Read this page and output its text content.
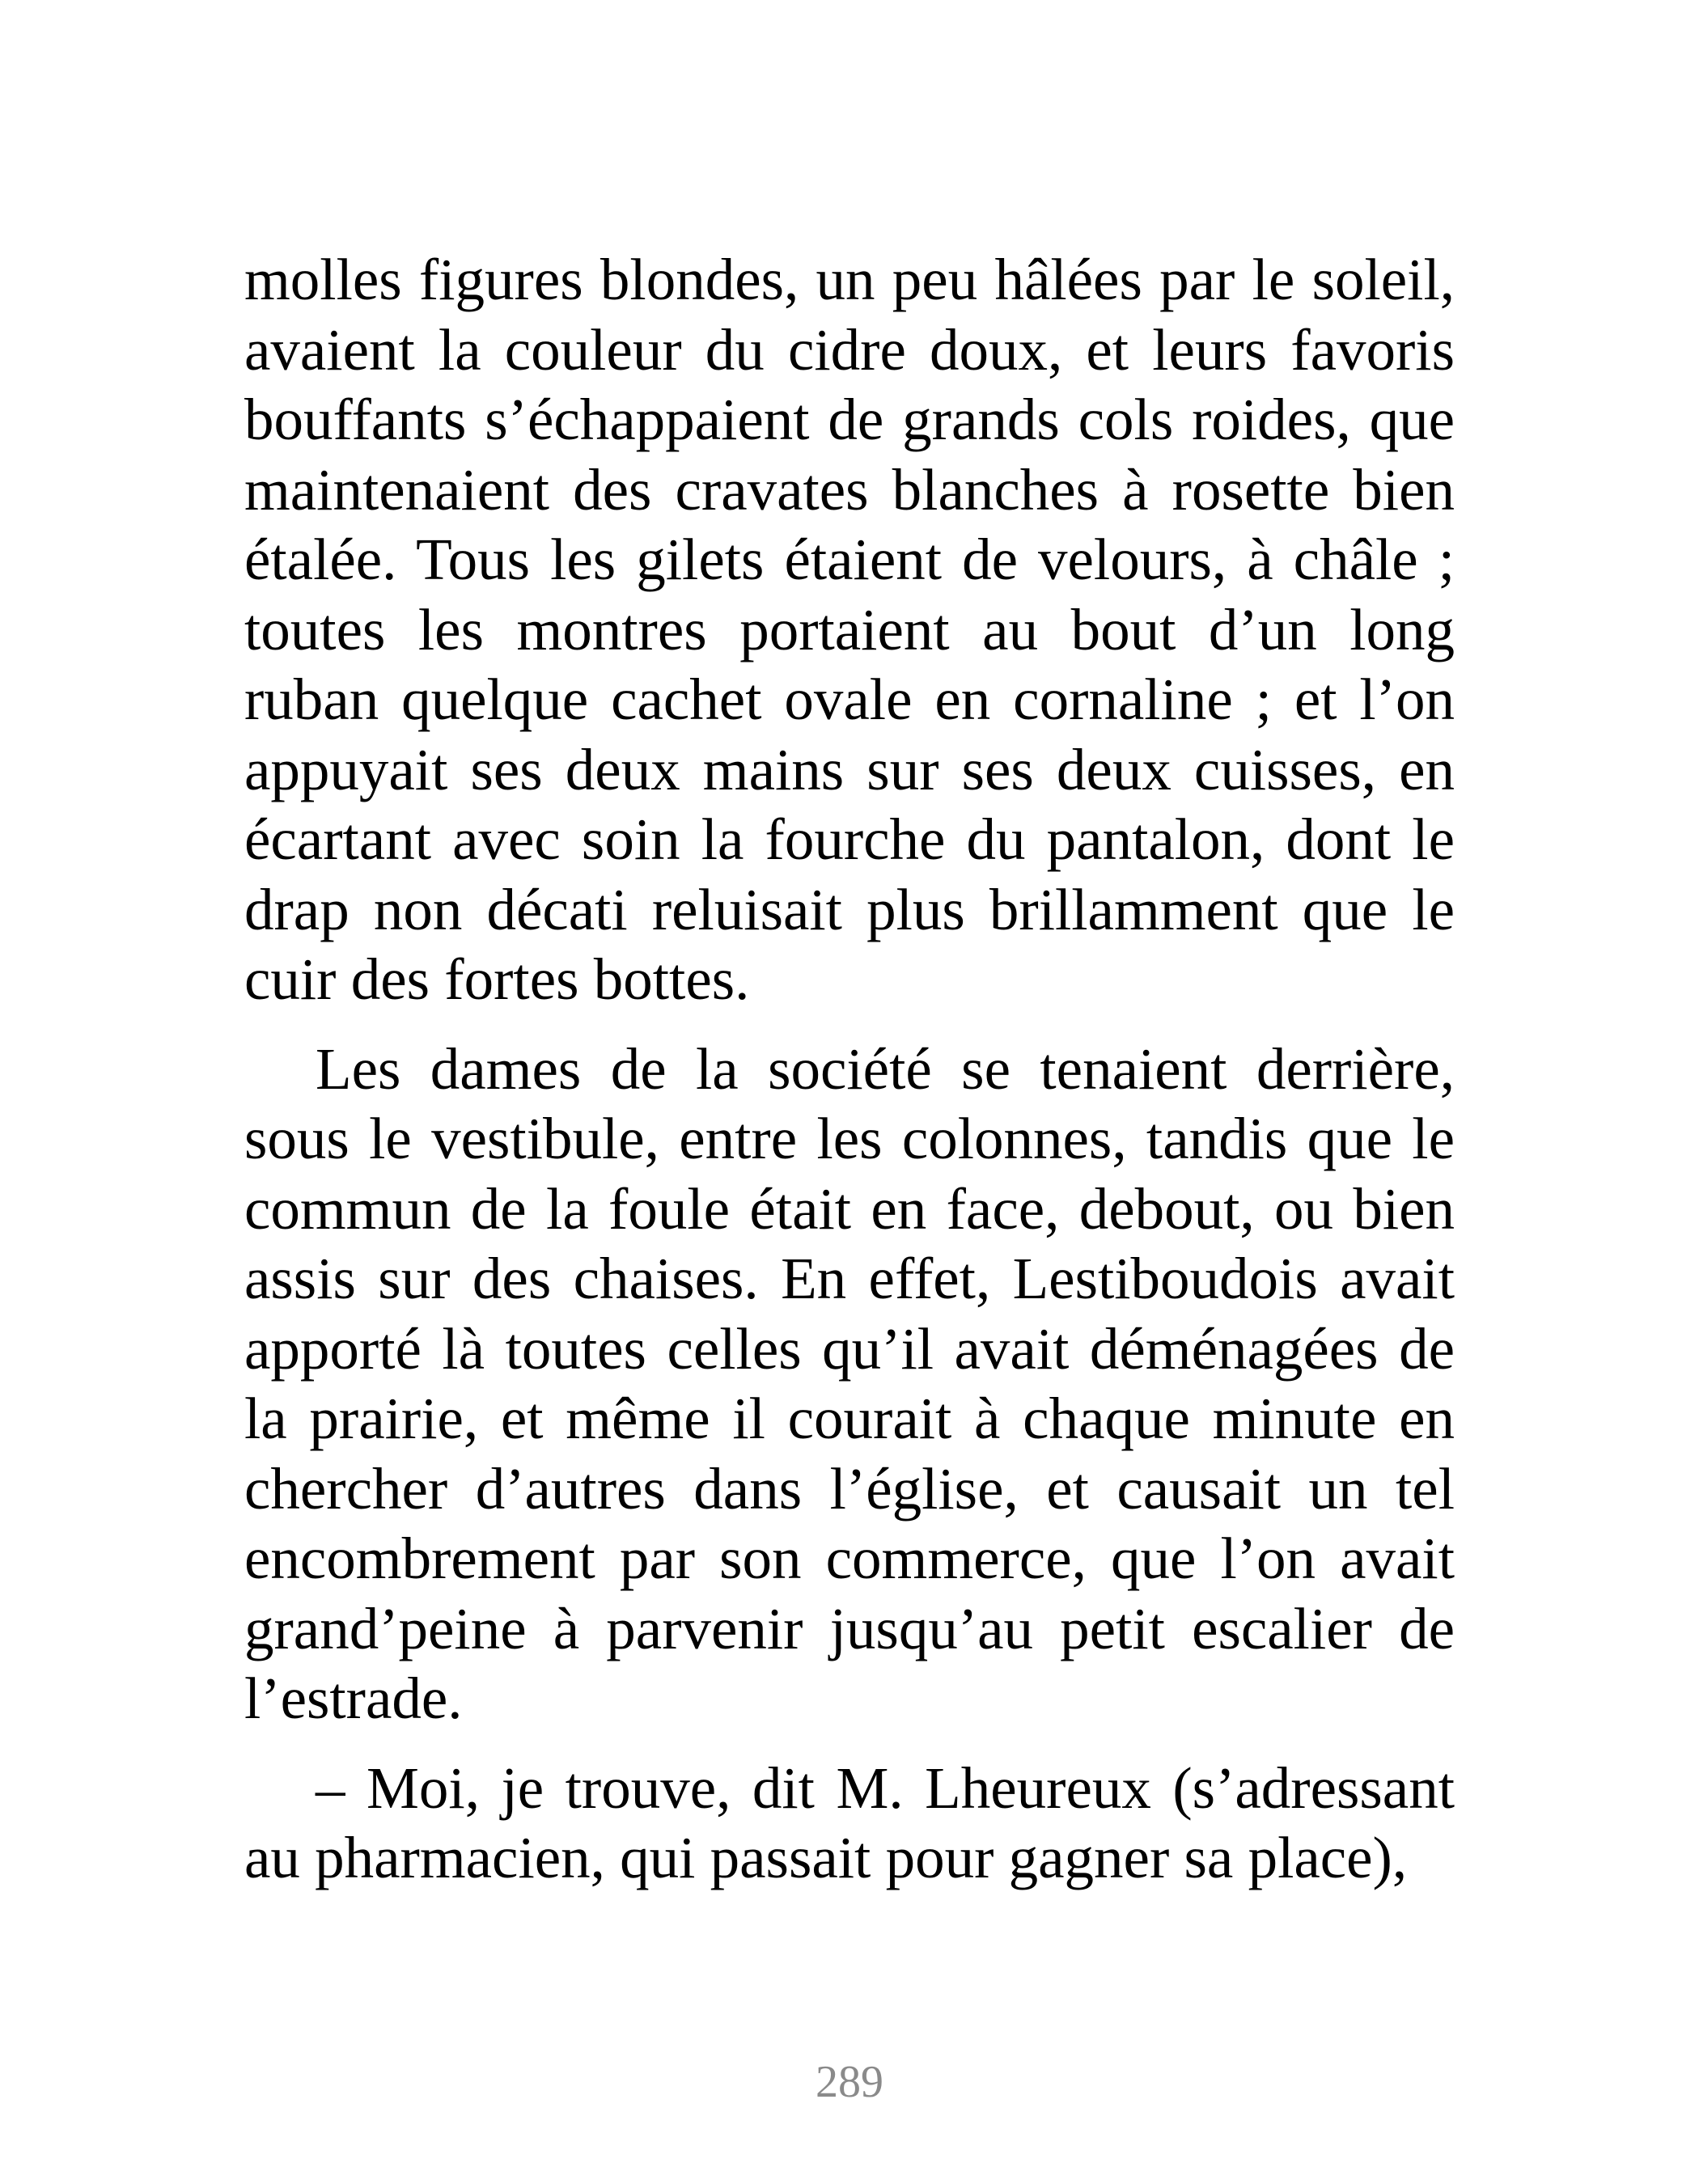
molles figures blondes, un peu hâlées par le soleil, avaient la couleur du cidre doux, et leurs favoris bouffants s’échappaient de grands cols roides, que maintenaient des cravates blanches à rosette bien étalée. Tous les gilets étaient de velours, à châle ; toutes les montres portaient au bout d’un long ruban quelque cachet ovale en cornaline ; et l’on appuyait ses deux mains sur ses deux cuisses, en écartant avec soin la fourche du pantalon, dont le drap non décati reluisait plus brillamment que le cuir des fortes bottes.

Les dames de la société se tenaient derrière, sous le vestibule, entre les colonnes, tandis que le commun de la foule était en face, debout, ou bien assis sur des chaises. En effet, Lestiboudois avait apporté là toutes celles qu’il avait déménagées de la prairie, et même il courait à chaque minute en chercher d’autres dans l’église, et causait un tel encombrement par son commerce, que l’on avait grand’peine à parvenir jusqu’au petit escalier de l’estrade.

– Moi, je trouve, dit M. Lheureux (s’adressant au pharmacien, qui passait pour gagner sa place),

289
